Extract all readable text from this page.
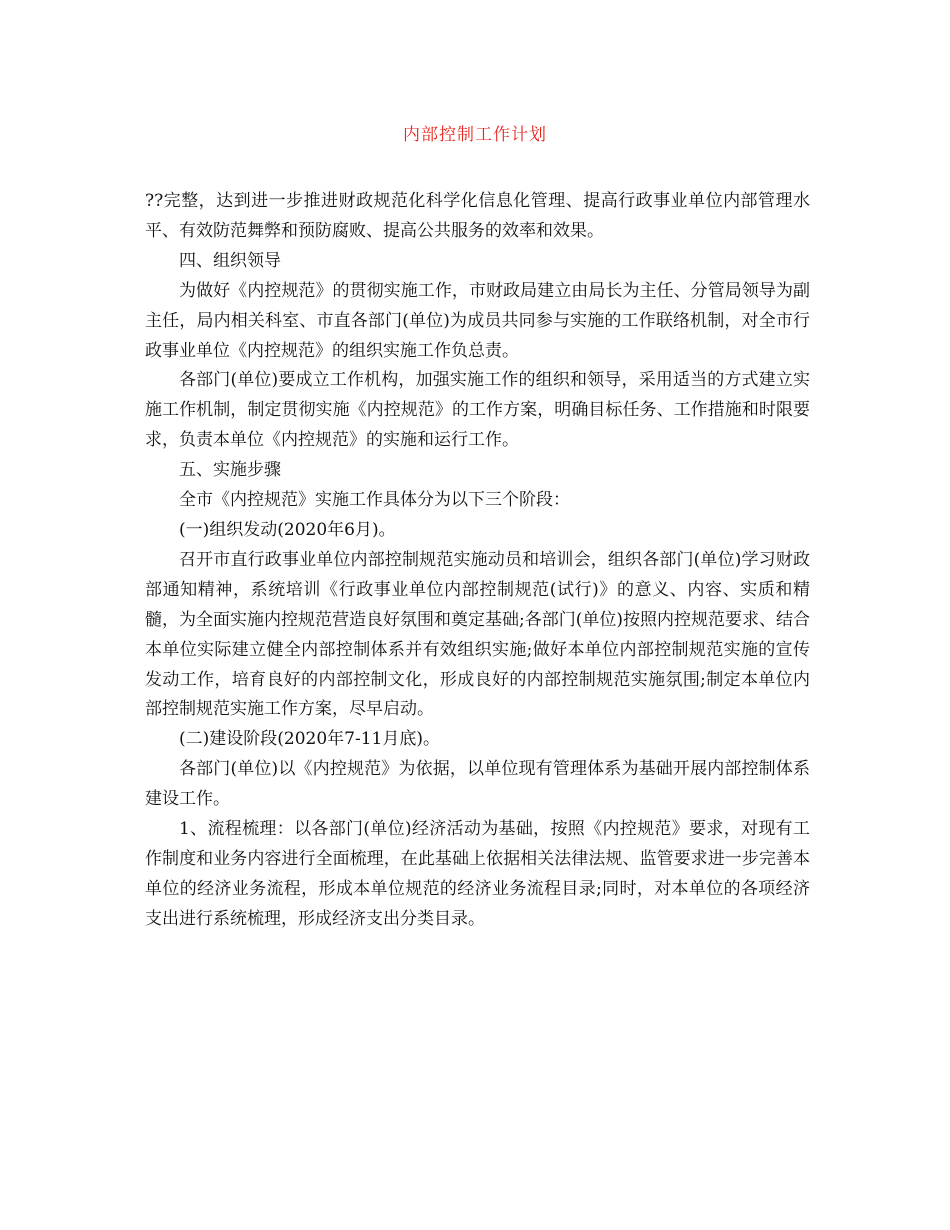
内部控制工作计划

??完整，达到进一步推进财政规范化科学化信息化管理、提高行政事业单位内部管理水平、有效防范舞弊和预防腐败、提高公共服务的效率和效果。

四、组织领导

为做好《内控规范》的贯彻实施工作，市财政局建立由局长为主任、分管局领导为副主任，局内相关科室、市直各部门(单位)为成员共同参与实施的工作联络机制，对全市行政事业单位《内控规范》的组织实施工作负总责。

各部门(单位)要成立工作机构，加强实施工作的组织和领导，采用适当的方式建立实施工作机制，制定贯彻实施《内控规范》的工作方案，明确目标任务、工作措施和时限要求，负责本单位《内控规范》的实施和运行工作。

五、实施步骤

全市《内控规范》实施工作具体分为以下三个阶段：

(一)组织发动(2020年6月)。

召开市直行政事业单位内部控制规范实施动员和培训会，组织各部门(单位)学习财政部通知精神，系统培训《行政事业单位内部控制规范(试行)》的意义、内容、实质和精髓，为全面实施内控规范营造良好氛围和奠定基础;各部门(单位)按照内控规范要求、结合本单位实际建立健全内部控制体系并有效组织实施;做好本单位内部控制规范实施的宣传发动工作，培育良好的内部控制文化，形成良好的内部控制规范实施氛围;制定本单位内部控制规范实施工作方案，尽早启动。

(二)建设阶段(2020年7-11月底)。

各部门(单位)以《内控规范》为依据，以单位现有管理体系为基础开展内部控制体系建设工作。

1、流程梳理：以各部门(单位)经济活动为基础，按照《内控规范》要求，对现有工作制度和业务内容进行全面梳理，在此基础上依据相关法律法规、监管要求进一步完善本单位的经济业务流程，形成本单位规范的经济业务流程目录;同时，对本单位的各项经济支出进行系统梳理，形成经济支出分类目录。
